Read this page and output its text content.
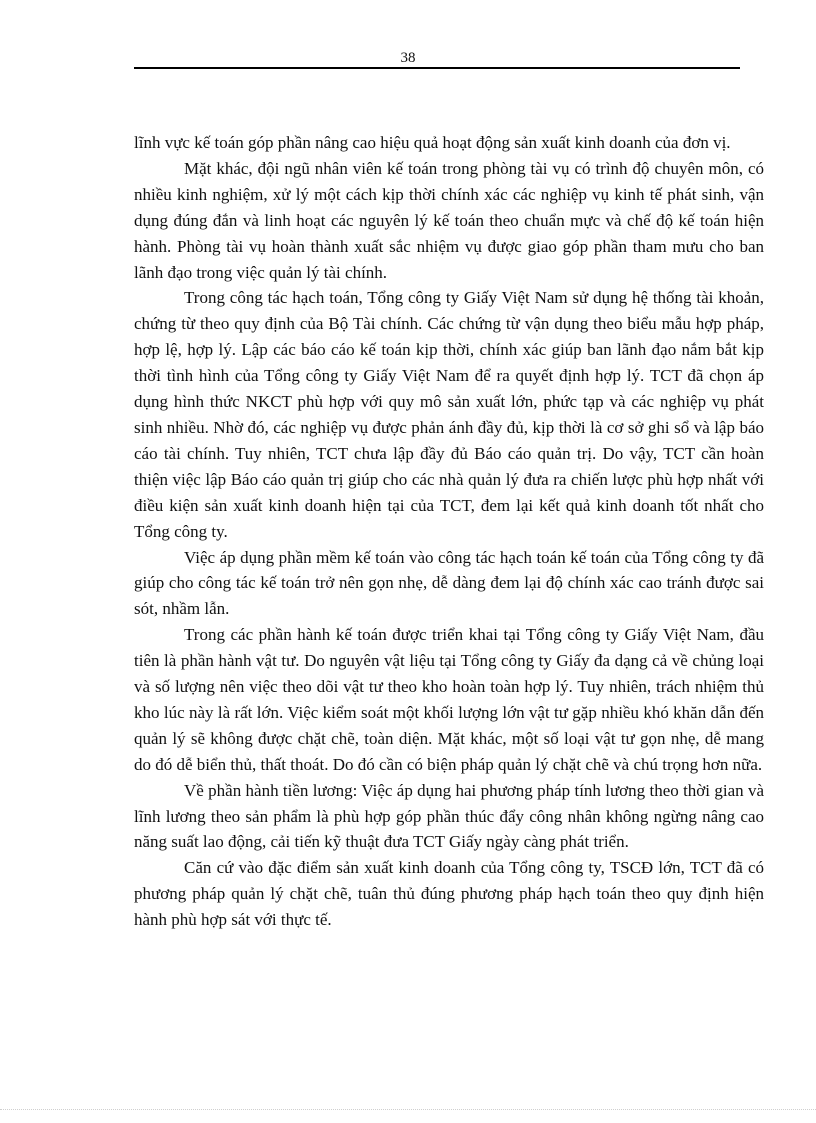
38

lĩnh vực kế toán góp phần nâng cao hiệu quả hoạt động sản xuất kinh doanh của đơn vị.

Mặt khác, đội ngũ nhân viên kế toán trong phòng tài vụ có trình độ chuyên môn, có nhiều kinh nghiệm, xử lý một cách kịp thời chính xác các nghiệp vụ kinh tế phát sinh, vận dụng đúng đắn và linh hoạt các nguyên lý kế toán theo chuẩn mực và chế độ kế toán hiện hành. Phòng tài vụ hoàn thành xuất sắc nhiệm vụ được giao góp phần tham mưu cho ban lãnh đạo trong việc quản lý tài chính.

Trong công tác hạch toán, Tổng công ty Giấy Việt Nam sử dụng hệ thống tài khoản, chứng từ theo quy định của Bộ Tài chính. Các chứng từ vận dụng theo biểu mẫu hợp pháp, hợp lệ, hợp lý. Lập các báo cáo kế toán kịp thời, chính xác giúp ban lãnh đạo nắm bắt kịp thời tình hình của Tổng công ty Giấy Việt Nam để ra quyết định hợp lý. TCT đã chọn áp dụng hình thức NKCT phù hợp với quy mô sản xuất lớn, phức tạp và các nghiệp vụ phát sinh nhiều. Nhờ đó, các nghiệp vụ được phản ánh đầy đủ, kịp thời là cơ sở ghi sổ và lập báo cáo tài chính. Tuy nhiên, TCT chưa lập đầy đủ Báo cáo quản trị. Do vậy, TCT cần hoàn thiện việc lập Báo cáo quản trị giúp cho các nhà quản lý đưa ra chiến lược phù hợp nhất với điều kiện sản xuất kinh doanh hiện tại của TCT, đem lại kết quả kinh doanh tốt nhất cho Tổng công ty.

Việc áp dụng phần mềm kế toán vào công tác hạch toán kế toán của Tổng công ty đã giúp cho công tác kế toán trở nên gọn nhẹ, dễ dàng đem lại độ chính xác cao tránh được sai sót, nhầm lẫn.

Trong các phần hành kế toán được triển khai tại Tổng công ty Giấy Việt Nam, đầu tiên là phần hành vật tư. Do nguyên vật liệu tại Tổng công ty Giấy đa dạng cả về chủng loại và số lượng nên việc theo dõi vật tư theo kho hoàn toàn hợp lý. Tuy nhiên, trách nhiệm thủ kho lúc này là rất lớn. Việc kiểm soát một khối lượng lớn vật tư gặp nhiều khó khăn dẫn đến quản lý sẽ không được chặt chẽ, toàn diện. Mặt khác, một số loại vật tư gọn nhẹ, dễ mang do đó dễ biển thủ, thất thoát. Do đó cần có biện pháp quản lý chặt chẽ và chú trọng hơn nữa.

Về phần hành tiền lương: Việc áp dụng hai phương pháp tính lương theo thời gian và lĩnh lương theo sản phẩm là phù hợp góp phần thúc đẩy công nhân không ngừng nâng cao năng suất lao động, cải tiến kỹ thuật đưa TCT Giấy ngày càng phát triển.

Căn cứ vào đặc điểm sản xuất kinh doanh của Tổng công ty, TSCĐ lớn, TCT đã có phương pháp quản lý chặt chẽ, tuân thủ đúng phương pháp hạch toán theo quy định hiện hành phù hợp sát với thực tế.
